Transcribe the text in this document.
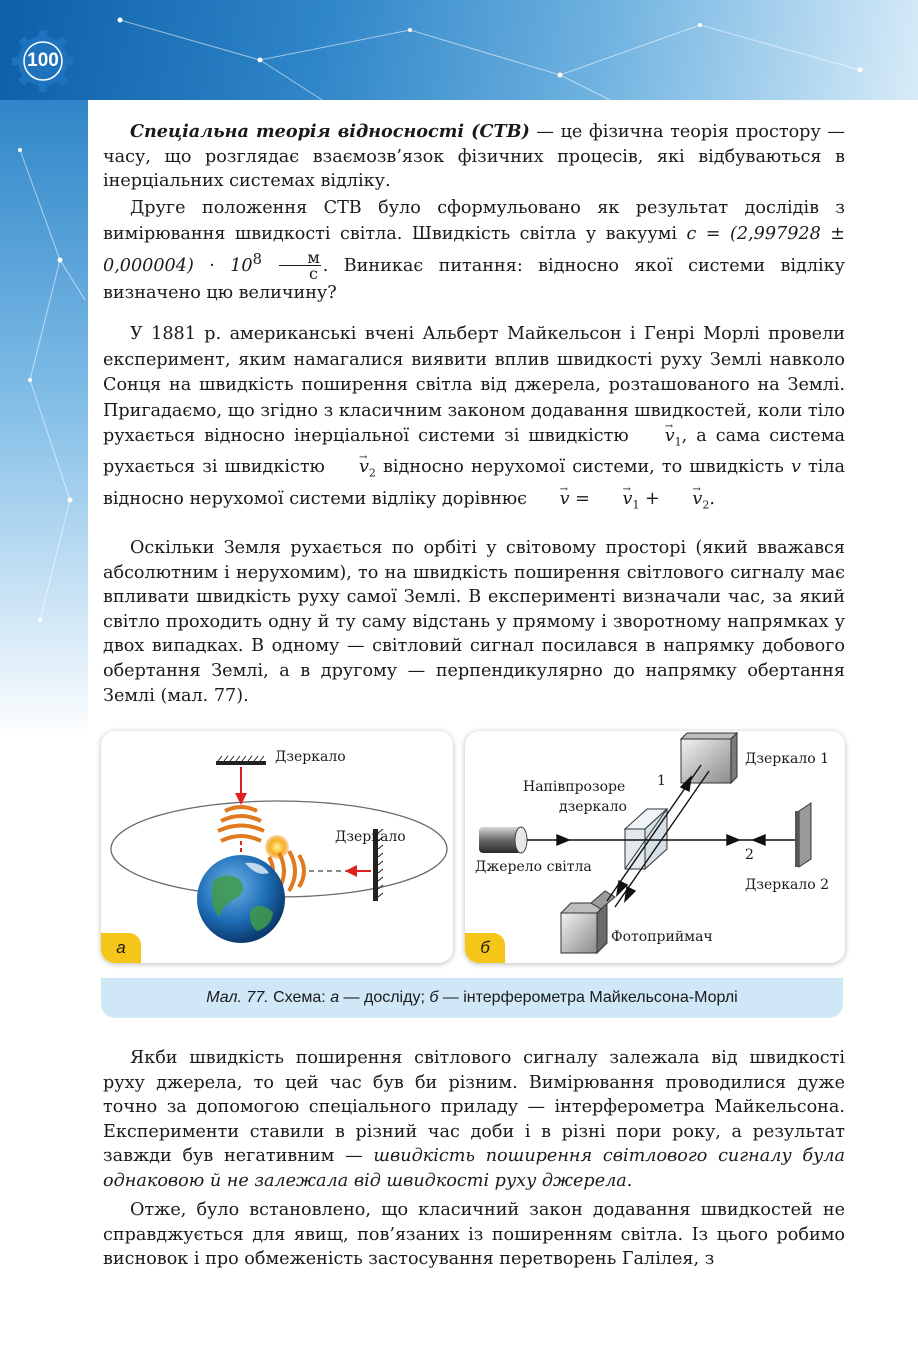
100

Спеціальна теорія відносності (СТВ) — це фізична теорія простору — часу, що розглядає взаємозв’язок фізичних процесів, які відбуваються в інерціальних системах відліку.

Друге положення СТВ було сформульовано як результат дослідів з вимірювання швидкості світла. Швидкість світла у вакуумі $c = (2,997928 \pm 0,000004) \cdot 10^8 \frac{м}{с}$ . Виникає питання: відносно якої системи відліку визначено цю величину?

У 1881 р. американські вчені Альберт Майкельсон і Генрі Морлі провели експеримент, яким намагалися виявити вплив швидкості руху Землі навколо Сонця на швидкість поширення світла від джерела, розташованого на Землі. Пригадаємо, що згідно з класичним законом додавання швидкостей, коли тіло рухається відносно інерціальної системи зі швидкістю → $v_1$, а сама система рухається зі швидкістю → $v_2$ відносно нерухомої системи, то швидкість v тіла відносно нерухомої системи відліку дорівнює → v = → $v_1$ + → $v_2$.

Оскільки Земля рухається по орбіті у світовому просторі (який вважався абсолютним і нерухомим), то на швидкість поширення світлового сигналу має впливати швидкість руху самої Землі. В експерименті визначали час, за який світло проходить одну й ту саму відстань у прямому і зворотному напрямках у двох випадках. В одному — світловий сигнал посилався в напрямку добового обертання Землі, а в другому — перпендикулярно до напрямку обертання Землі (мал. 77).

Дзеркало
Дзеркало
а
Дзеркало 1
Дзеркало 2
Напівпрозоре
дзеркало
Джерело світла
Фотоприймач
1
2
б
Мал. 77. Схема: а — досліду; б — інтерферометра Майкельсона-Морлі

Якби швидкість поширення світлового сигналу залежала від швидкості руху джерела, то цей час був би різним. Вимірювання проводилися дуже точно за допомогою спеціального приладу — інтерферометра Майкельсона. Експерименти ставили в різний час доби і в різні пори року, а результат завжди був негативним — швидкість поширення світлового сигналу була однаковою й не залежала від швидкості руху джерела.

Отже, було встановлено, що класичний закон додавання швидкостей не справджується для явищ, пов’язаних із поширенням світла. Із цього робимо висновок і про обмеженість застосування перетворень Галілея, з
